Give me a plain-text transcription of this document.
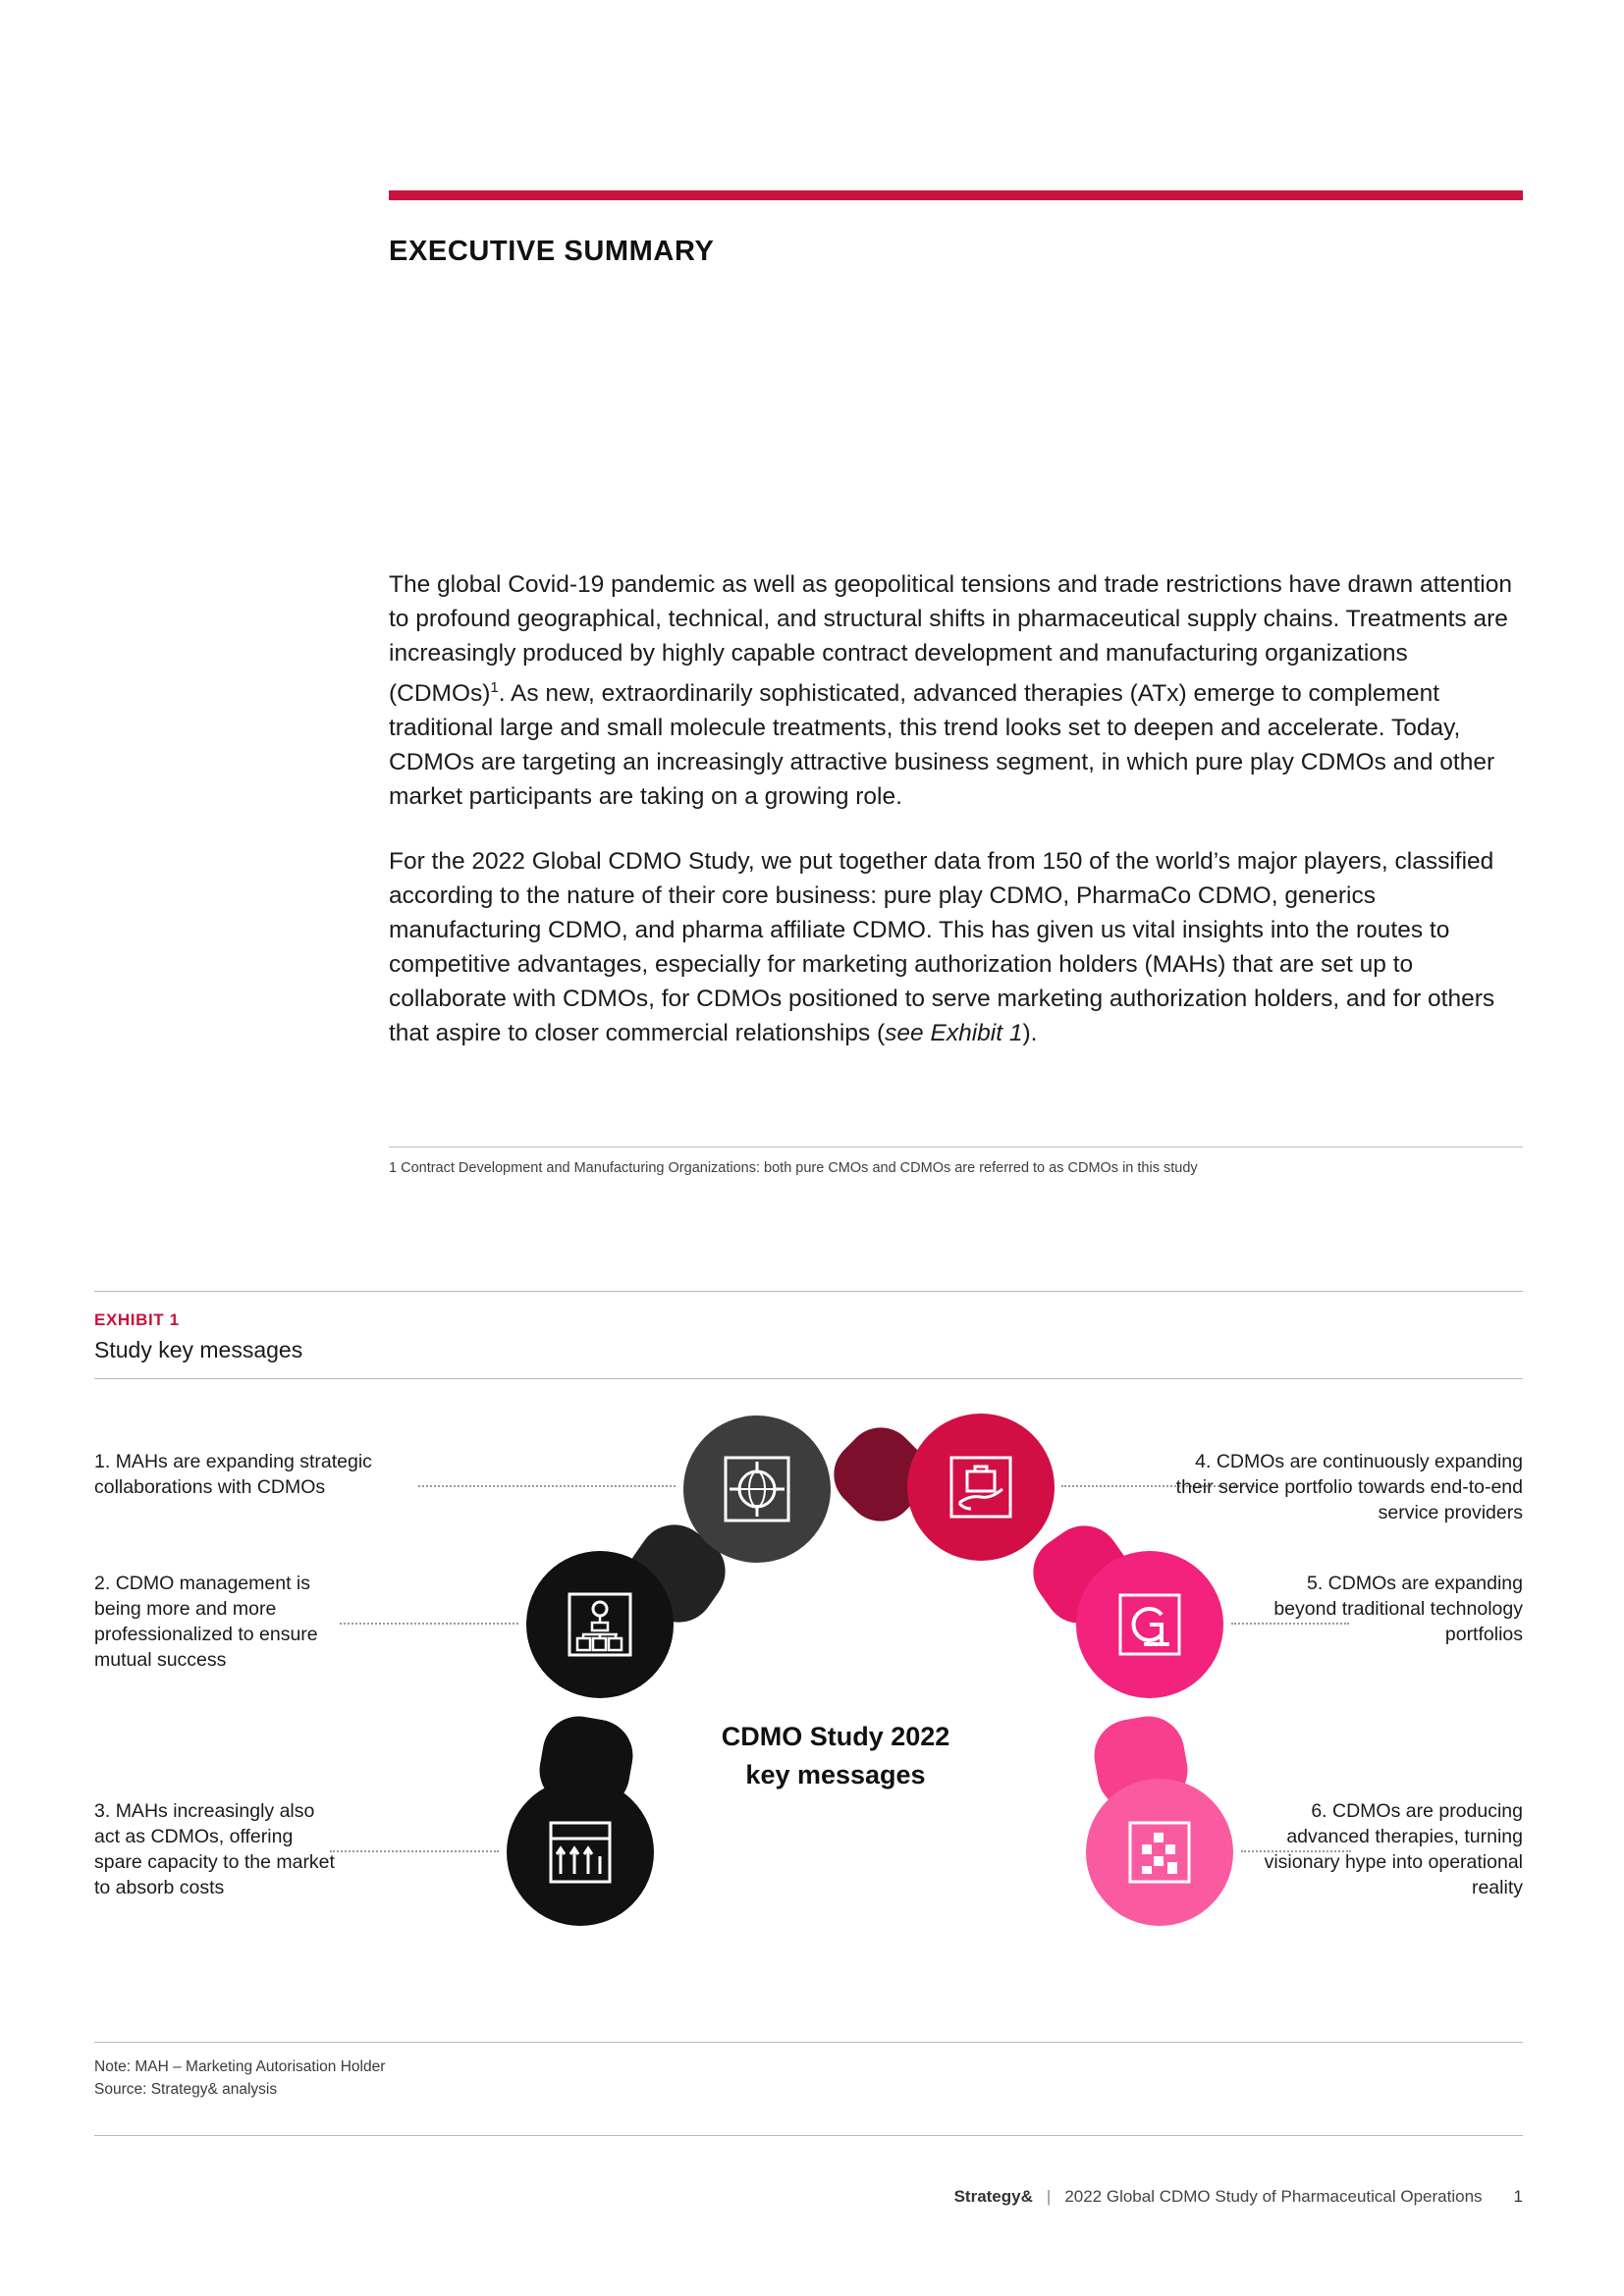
EXECUTIVE SUMMARY

The global Covid-19 pandemic as well as geopolitical tensions and trade restrictions have drawn attention to profound geographical, technical, and structural shifts in pharmaceutical supply chains. Treatments are increasingly produced by highly capable contract development and manufacturing organizations (CDMOs)$^1$. As new, extraordinarily sophisticated, advanced therapies (ATx) emerge to complement traditional large and small molecule treatments, this trend looks set to deepen and accelerate. Today, CDMOs are targeting an increasingly attractive business segment, in which pure play CDMOs and other market participants are taking on a growing role.

For the 2022 Global CDMO Study, we put together data from 150 of the world’s major players, classified according to the nature of their core business: pure play CDMO, PharmaCo CDMO, generics manufacturing CDMO, and pharma affiliate CDMO. This has given us vital insights into the routes to competitive advantages, especially for marketing authorization holders (MAHs) that are set up to collaborate with CDMOs, for CDMOs positioned to serve marketing authorization holders, and for others that aspire to closer commercial relationships (see Exhibit 1).

1 Contract Development and Manufacturing Organizations: both pure CMOs and CDMOs are referred to as CDMOs in this study
EXHIBIT 1
Study key messages
CDMO Study 2022
key messages
1. MAHs are expanding strategic collaborations with CDMOs
2. CDMO management is being more and more professionalized to ensure mutual success
3. MAHs increasingly also act as CDMOs, offering spare capacity to the market to absorb costs
4. CDMOs are continuously expanding their service portfolio towards end-to-end service providers
5. CDMOs are expanding beyond traditional technology portfolios
6. CDMOs are producing advanced therapies, turning visionary hype into operational reality
Note: MAH – Marketing Autorisation Holder
Source: Strategy& analysis
Strategy& | 2022 Global CDMO Study of Pharmaceutical Operations 1
